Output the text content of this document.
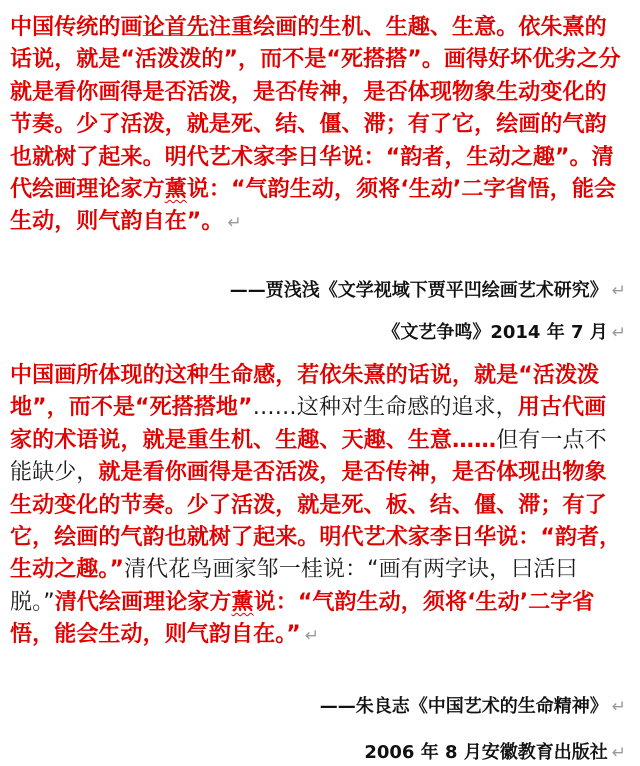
中国传统的画论首先注重绘画的生机、生趣、生意。依朱熹的话说，就是“活泼泼的”，而不是“死搭搭”。画得好坏优劣之分就是看你画得是否活泼，是否传神，是否体现物象生动变化的节奏。少了活泼，就是死、结、僵、滞；有了它，绘画的气韵也就树了起来。明代艺术家李日华说：“韵者，生动之趣”。清代绘画理论家方薰说：“气韵生动，须将‘生动’二字省悟，能会生动，则气韵自在”。 ↵
——贾浅浅《文学视域下贾平凹绘画艺术研究》 ↵
《文艺争鸣》2014 年 7 月 ↵
中国画所体现的这种生命感，若依朱熹的话说，就是“活泼泼地”，而不是“死搭搭地”……这种对生命感的追求，用古代画家的术语说，就是重生机、生趣、天趣、生意……但有一点不能缺少，就是看你画得是否活泼，是否传神，是否体现出物象生动变化的节奏。少了活泼，就是死、板、结、僵、滞；有了它，绘画的气韵也就树了起来。明代艺术家李日华说：“韵者，生动之趣。”清代花鸟画家邹一桂说：“画有两字诀，曰活曰脱。”清代绘画理论家方薰说：“气韵生动，须将‘生动’二字省悟，能会生动，则气韵自在。” ↵
——朱良志《中国艺术的生命精神》 ↵
2006 年 8 月安徽教育出版社 ↵
